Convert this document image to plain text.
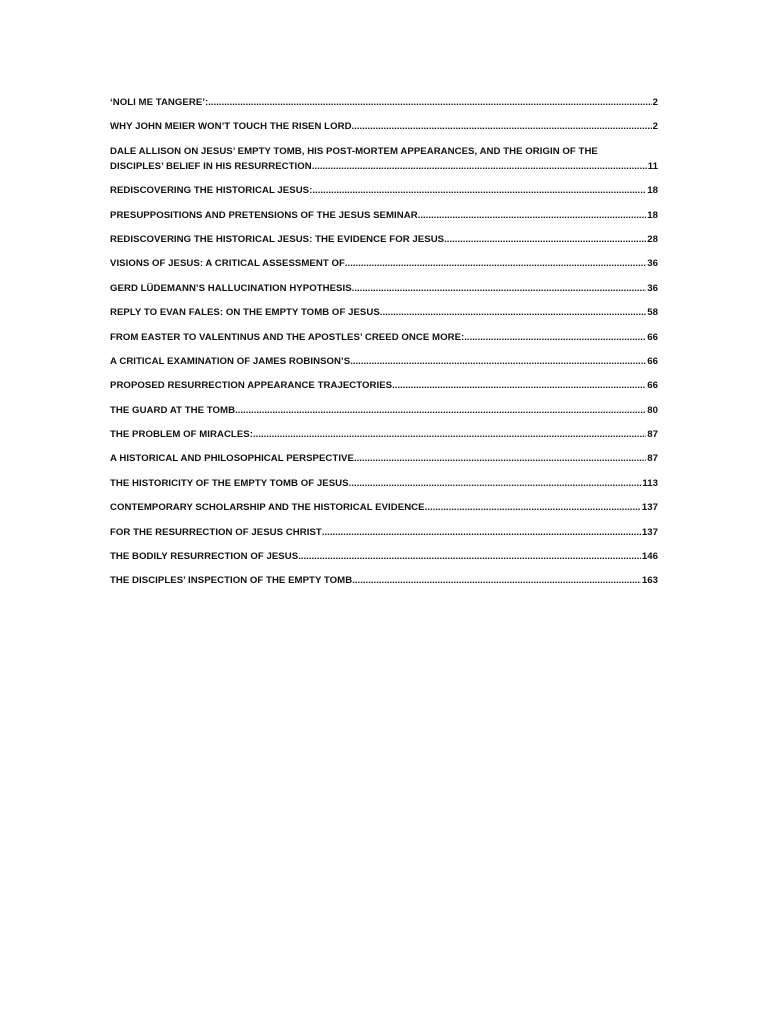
‘NOLI ME TANGERE’: .....	2
WHY JOHN MEIER WON’T TOUCH THE RISEN LORD .....	2
DALE ALLISON ON JESUS’ EMPTY TOMB, HIS POST-MORTEM APPEARANCES, AND THE ORIGIN OF THE
DISCIPLES’ BELIEF IN HIS RESURRECTION .....	11
REDISCOVERING THE HISTORICAL JESUS: .....	18
PRESUPPOSITIONS AND PRETENSIONS OF THE JESUS SEMINAR .....	18
REDISCOVERING THE HISTORICAL JESUS: THE EVIDENCE FOR JESUS .....	28
VISIONS OF JESUS: A CRITICAL ASSESSMENT OF .....	36
GERD LÜDEMANN’S HALLUCINATION HYPOTHESIS .....	36
REPLY TO EVAN FALES: ON THE EMPTY TOMB OF JESUS .....	58
FROM EASTER TO VALENTINUS AND THE APOSTLES’ CREED ONCE MORE: .....	66
A CRITICAL EXAMINATION OF JAMES ROBINSON’S .....	66
PROPOSED RESURRECTION APPEARANCE TRAJECTORIES .....	66
THE GUARD AT THE TOMB .....	80
THE PROBLEM OF MIRACLES: .....	87
A HISTORICAL AND PHILOSOPHICAL PERSPECTIVE .....	87
THE HISTORICITY OF THE EMPTY TOMB OF JESUS .....	113
CONTEMPORARY SCHOLARSHIP AND THE HISTORICAL EVIDENCE .....	137
FOR THE RESURRECTION OF JESUS CHRIST .....	137
THE BODILY RESURRECTION OF JESUS .....	146
THE DISCIPLES’ INSPECTION OF THE EMPTY TOMB .....	163
